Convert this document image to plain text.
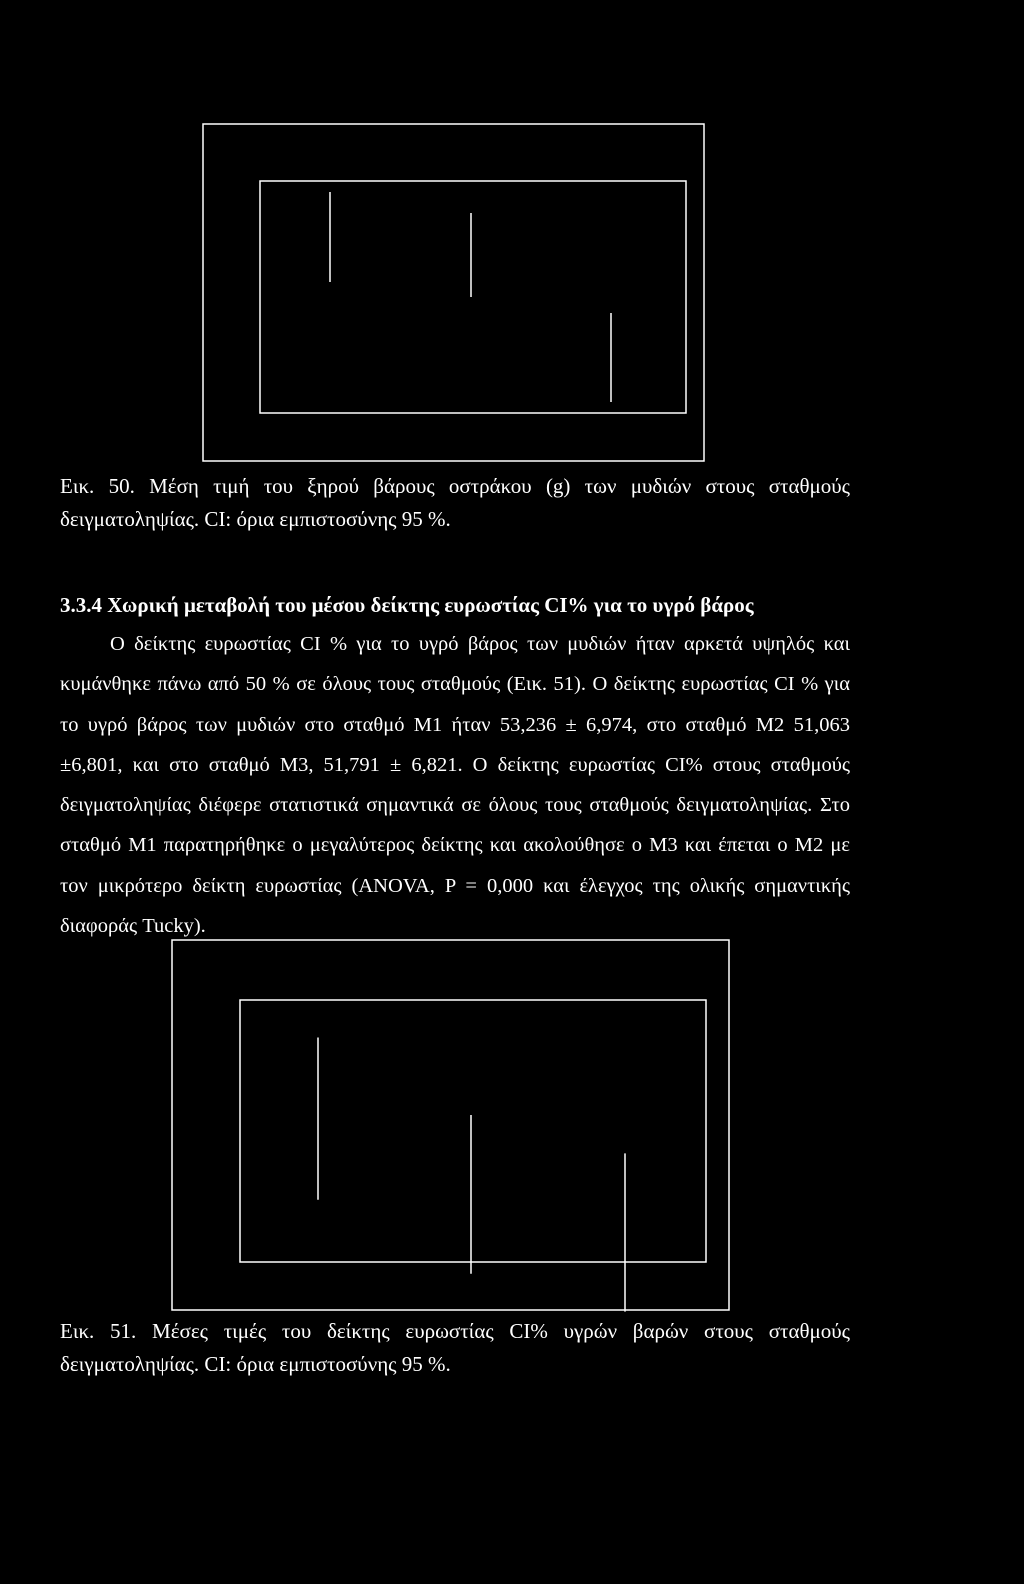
Εικ. 50. Μέση τιμή του ξηρού βάρους οστράκου (g) των μυδιών στους σταθμούς δειγματοληψίας. CI: όρια εμπιστοσύνης 95 %.

3.3.4 Χωρική μεταβολή του μέσου δείκτης ευρωστίας CI% για το υγρό βάρος

Ο δείκτης ευρωστίας CI % για το υγρό βάρος των μυδιών ήταν αρκετά υψηλός και κυμάνθηκε πάνω από 50 % σε όλους τους σταθμούς (Εικ. 51). Ο δείκτης ευρωστίας CI % για το υγρό βάρος των μυδιών στο σταθμό M1 ήταν 53,236 ± 6,974, στο σταθμό M2 51,063 ±6,801, και στο σταθμό M3, 51,791 ± 6,821. Ο δείκτης ευρωστίας CI% στους σταθμούς δειγματοληψίας διέφερε στατιστικά σημαντικά σε όλους τους σταθμούς δειγματοληψίας. Στο σταθμό M1 παρατηρήθηκε ο μεγαλύτερος δείκτης και ακολούθησε ο M3 και έπεται ο M2 με τον μικρότερο δείκτη ευρωστίας (ANOVA, P = 0,000 και έλεγχος της ολικής σημαντικής διαφοράς Tucky).

Εικ. 51. Μέσες τιμές του δείκτης ευρωστίας CI% υγρών βαρών στους σταθμούς δειγματοληψίας. CI: όρια εμπιστοσύνης 95 %.
